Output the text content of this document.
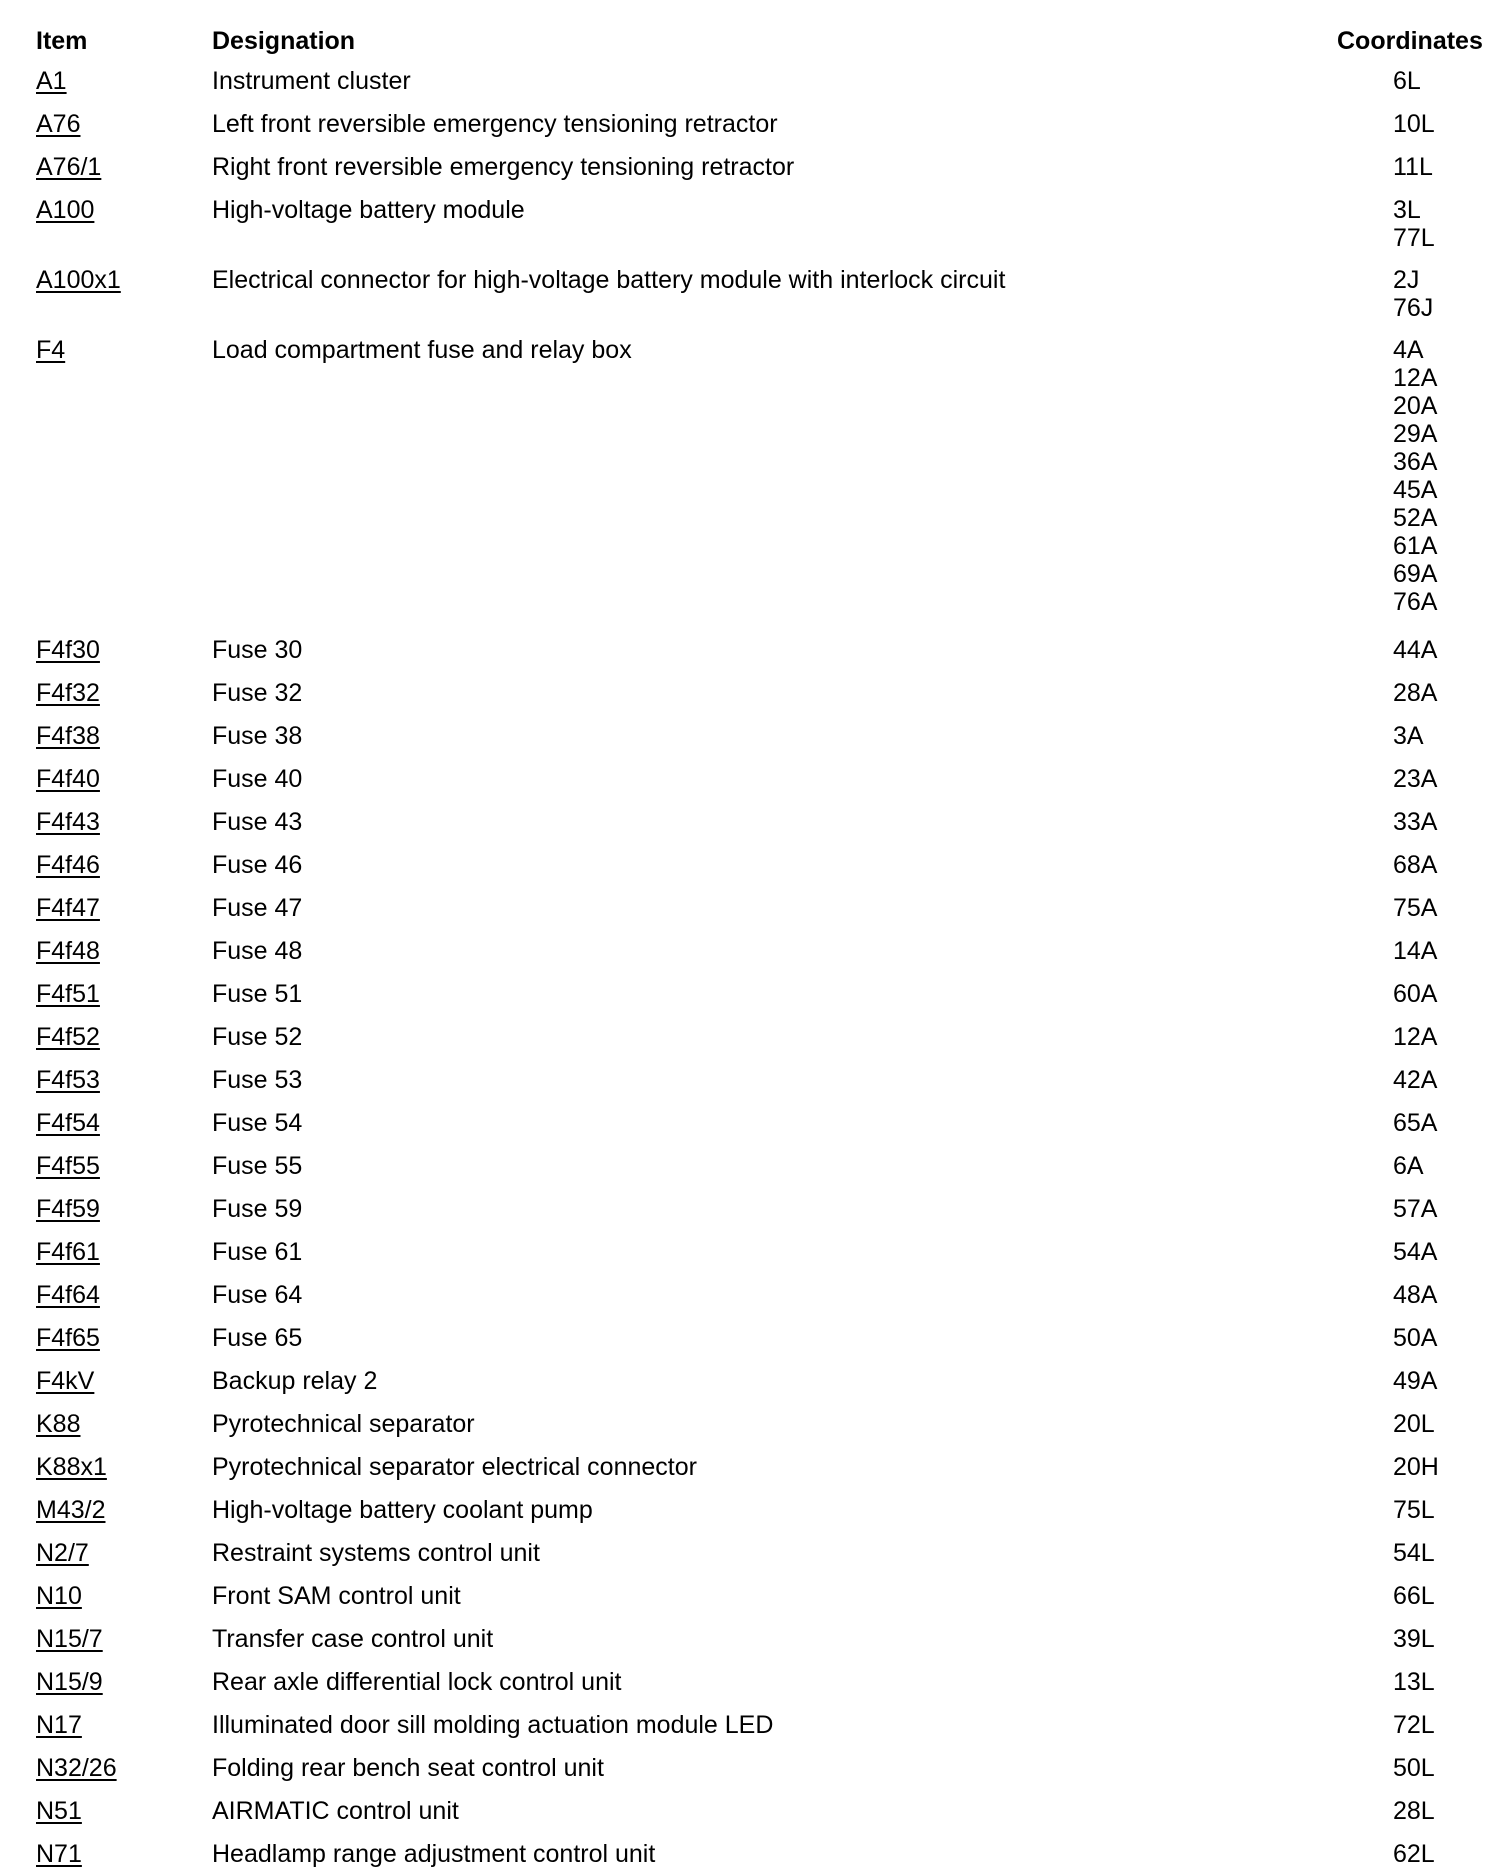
Item	Designation	Coordinates
A1	Instrument cluster	6L
A76	Left front reversible emergency tensioning retractor	10L
A76/1	Right front reversible emergency tensioning retractor	11L
A100	High-voltage battery module	3L
77L
A100x1	Electrical connector for high-voltage battery module with interlock circuit	2J
76J
F4	Load compartment fuse and relay box	4A
12A
20A
29A
36A
45A
52A
61A
69A
76A
F4f30	Fuse 30	44A
F4f32	Fuse 32	28A
F4f38	Fuse 38	3A
F4f40	Fuse 40	23A
F4f43	Fuse 43	33A
F4f46	Fuse 46	68A
F4f47	Fuse 47	75A
F4f48	Fuse 48	14A
F4f51	Fuse 51	60A
F4f52	Fuse 52	12A
F4f53	Fuse 53	42A
F4f54	Fuse 54	65A
F4f55	Fuse 55	6A
F4f59	Fuse 59	57A
F4f61	Fuse 61	54A
F4f64	Fuse 64	48A
F4f65	Fuse 65	50A
F4kV	Backup relay 2	49A
K88	Pyrotechnical separator	20L
K88x1	Pyrotechnical separator electrical connector	20H
M43/2	High-voltage battery coolant pump	75L
N2/7	Restraint systems control unit	54L
N10	Front SAM control unit	66L
N15/7	Transfer case control unit	39L
N15/9	Rear axle differential lock control unit	13L
N17	Illuminated door sill molding actuation module LED	72L
N32/26	Folding rear bench seat control unit	50L
N51	AIRMATIC control unit	28L
N71	Headlamp range adjustment control unit	62L
